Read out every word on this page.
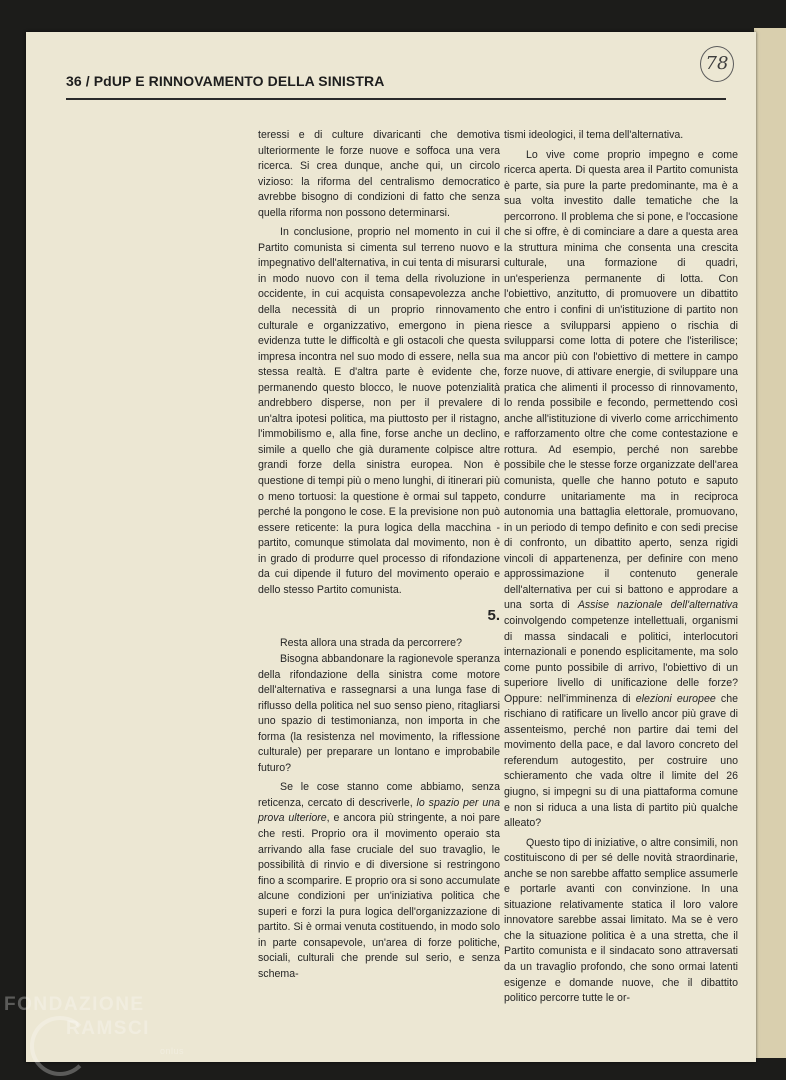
36 / PdUP E RINNOVAMENTO DELLA SINISTRA
78

teressi e di culture divaricanti che demotiva ulteriormente le forze nuove e soffoca una vera ricerca. Si crea dunque, anche qui, un circolo vizioso: la riforma del centralismo democratico avrebbe bisogno di condizioni di fatto che senza quella riforma non possono determinarsi.

In conclusione, proprio nel momento in cui il Partito comunista si cimenta sul terreno nuovo e impegnativo dell'alternativa, in cui tenta di misurarsi in modo nuovo con il tema della rivoluzione in occidente, in cui acquista consapevolezza anche della necessità di un proprio rinnovamento culturale e organizzativo, emergono in piena evidenza tutte le difficoltà e gli ostacoli che questa impresa incontra nel suo modo di essere, nella sua stessa realtà. E d'altra parte è evidente che, permanendo questo blocco, le nuove potenzialità andrebbero disperse, non per il prevalere di un'altra ipotesi politica, ma piuttosto per il ristagno, l'immobilismo e, alla fine, forse anche un declino, simile a quello che già duramente colpisce altre grandi forze della sinistra europea. Non è questione di tempi più o meno lunghi, di itinerari più o meno tortuosi: la questione è ormai sul tappeto, perché la pongono le cose. E la previsione non può essere reticente: la pura logica della macchina - partito, comunque stimolata dal movimento, non è in grado di produrre quel processo di rifondazione da cui dipende il futuro del movimento operaio e dello stesso Partito comunista.

5.

Resta allora una strada da percorrere?

Bisogna abbandonare la ragionevole speranza della rifondazione della sinistra come motore dell'alternativa e rassegnarsi a una lunga fase di riflusso della politica nel suo senso pieno, ritagliarsi uno spazio di testimonianza, non importa in che forma (la resistenza nel movimento, la riflessione culturale) per preparare un lontano e improbabile futuro?

Se le cose stanno come abbiamo, senza reticenza, cercato di descriverle, lo spazio per una prova ulteriore, e ancora più stringente, a noi pare che resti. Proprio ora il movimento operaio sta arrivando alla fase cruciale del suo travaglio, le possibilità di rinvio e di diversione si restringono fino a scomparire. E proprio ora si sono accumulate alcune condizioni per un'iniziativa politica che superi e forzi la pura logica dell'organizzazione di partito. Si è ormai venuta costituendo, in modo solo in parte consapevole, un'area di forze politiche, sociali, culturali che prende sul serio, e senza schema-

tismi ideologici, il tema dell'alternativa.

Lo vive come proprio impegno e come ricerca aperta. Di questa area il Partito comunista è parte, sia pure la parte predominante, ma è a sua volta investito dalle tematiche che la percorrono. Il problema che si pone, e l'occasione che si offre, è di cominciare a dare a questa area la struttura minima che consenta una crescita culturale, una formazione di quadri, un'esperienza permanente di lotta. Con l'obiettivo, anzitutto, di promuovere un dibattito che entro i confini di un'istituzione di partito non riesce a svilupparsi appieno o rischia di svilupparsi come lotta di potere che l'isterilisce; ma ancor più con l'obiettivo di mettere in campo forze nuove, di attivare energie, di sviluppare una pratica che alimenti il processo di rinnovamento, lo renda possibile e fecondo, permettendo così anche all'istituzione di viverlo come arricchimento e rafforzamento oltre che come contestazione e rottura. Ad esempio, perché non sarebbe possibile che le stesse forze organizzate dell'area comunista, quelle che hanno potuto e saputo condurre unitariamente ma in reciproca autonomia una battaglia elettorale, promuovano, in un periodo di tempo definito e con sedi precise di confronto, un dibattito aperto, senza rigidi vincoli di appartenenza, per definire con meno approssimazione il contenuto generale dell'alternativa per cui si battono e approdare a una sorta di Assise nazionale dell'alternativa coinvolgendo competenze intellettuali, organismi di massa sindacali e politici, interlocutori internazionali e ponendo esplicitamente, ma solo come punto possibile di arrivo, l'obiettivo di un superiore livello di unificazione delle forze? Oppure: nell'imminenza di elezioni europee che rischiano di ratificare un livello ancor più grave di assenteismo, perché non partire dai temi del movimento della pace, e dal lavoro concreto del referendum autogestito, per costruire uno schieramento che vada oltre il limite del 26 giugno, si impegni su di una piattaforma comune e non si riduca a una lista di partito più qualche alleato?

Questo tipo di iniziative, o altre consimili, non costituiscono di per sé delle novità straordinarie, anche se non sarebbe affatto semplice assumerle e portarle avanti con convinzione. In una situazione relativamente statica il loro valore innovatore sarebbe assai limitato. Ma se è vero che la situazione politica è a una stretta, che il Partito comunista e il sindacato sono attraversati da un travaglio profondo, che sono ormai latenti esigenze e domande nuove, che il dibattito politico percorre tutte le or-

FONDAZIONE
RAMSCI
onlus
